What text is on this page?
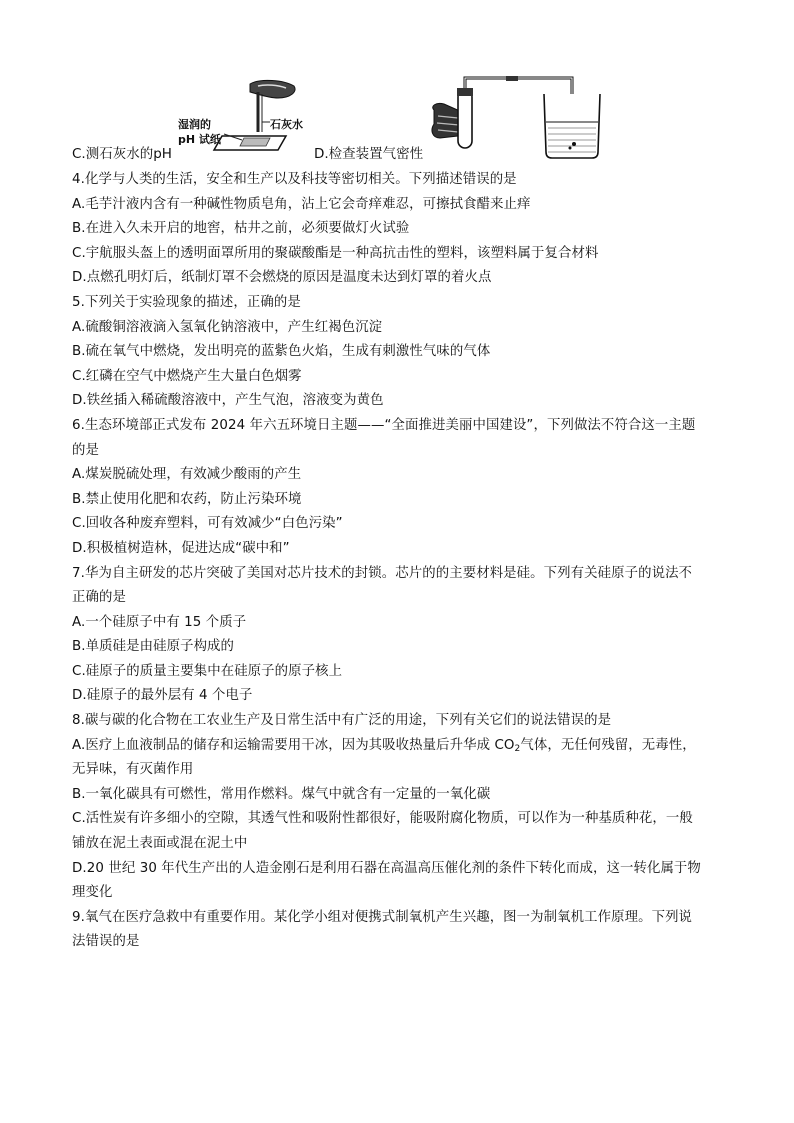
湿润的
pH 试纸
石灰水
C.测石灰水的pH	D.检查装置气密性
4.化学与人类的生活，安全和生产以及科技等密切相关。下列描述错误的是
A.毛芋汁液内含有一种碱性物质皂角，沾上它会奇痒难忍，可擦拭食醋来止痒
B.在进入久未开启的地窖，枯井之前，必须要做灯火试验
C.宇航服头盔上的透明面罩所用的聚碳酸酯是一种高抗击性的塑料，该塑料属于复合材料
D.点燃孔明灯后，纸制灯罩不会燃烧的原因是温度未达到灯罩的着火点
5.下列关于实验现象的描述，正确的是
A.硫酸铜溶液滴入氢氧化钠溶液中，产生红褐色沉淀
B.硫在氧气中燃烧，发出明亮的蓝紫色火焰，生成有刺激性气味的气体
C.红磷在空气中燃烧产生大量白色烟雾
D.铁丝插入稀硫酸溶液中，产生气泡，溶液变为黄色
6.生态环境部正式发布 2024 年六五环境日主题——“全面推进美丽中国建设”，下列做法不符合这一主题
的是
A.煤炭脱硫处理，有效减少酸雨的产生
B.禁止使用化肥和农药，防止污染环境
C.回收各种废弃塑料，可有效减少“白色污染”
D.积极植树造林，促进达成“碳中和”
7.华为自主研发的芯片突破了美国对芯片技术的封锁。芯片的的主要材料是硅。下列有关硅原子的说法不
正确的是
A.一个硅原子中有 15 个质子
B.单质硅是由硅原子构成的
C.硅原子的质量主要集中在硅原子的原子核上
D.硅原子的最外层有 4 个电子
8.碳与碳的化合物在工农业生产及日常生活中有广泛的用途，下列有关它们的说法错误的是
A.医疗上血液制品的储存和运输需要用干冰，因为其吸收热量后升华成 $CO_2$气体，无任何残留，无毒性，
无异味，有灭菌作用
B.一氧化碳具有可燃性，常用作燃料。煤气中就含有一定量的一氧化碳
C.活性炭有许多细小的空隙，其透气性和吸附性都很好，能吸附腐化物质，可以作为一种基质种花，一般
铺放在泥土表面或混在泥土中
D.20 世纪 30 年代生产出的人造金刚石是利用石器在高温高压催化剂的条件下转化而成，这一转化属于物
理变化
9.氧气在医疗急救中有重要作用。某化学小组对便携式制氧机产生兴趣，图一为制氧机工作原理。下列说
法错误的是
